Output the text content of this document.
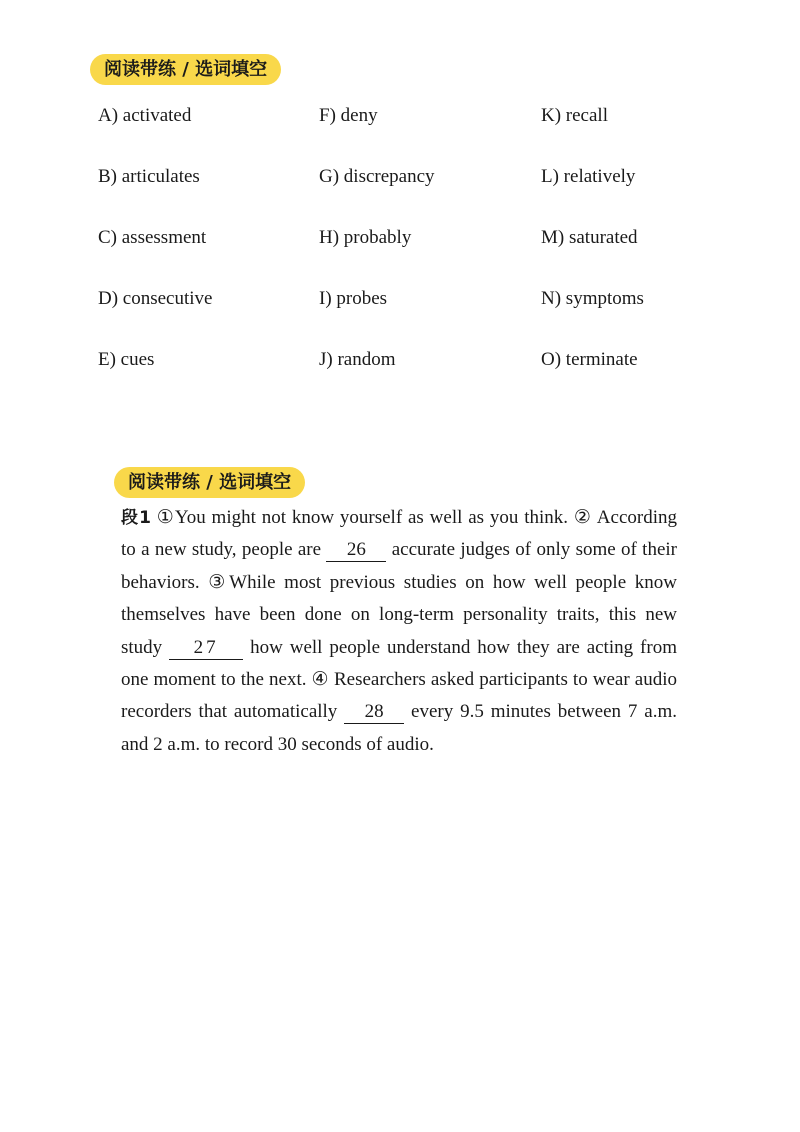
阅读带练 / 选词填空
A) activated	F) deny	K) recall
B) articulates	G) discrepancy	L) relatively
C) assessment	H) probably	M) saturated
D) consecutive	I) probes	N) symptoms
E) cues	J) random	O) terminate
阅读带练 / 选词填空
段1 ①You might not know yourself as well as you think. ② According to a new study, people are 26 accurate judges of only some of their behaviors. ③While most previous studies on how well people know themselves have been done on long-term personality traits, this new study 27 how well people understand how they are acting from one moment to the next. ④ Researchers asked participants to wear audio recorders that automatically 28 every 9.5 minutes between 7 a.m. and 2 a.m. to record 30 seconds of audio.
